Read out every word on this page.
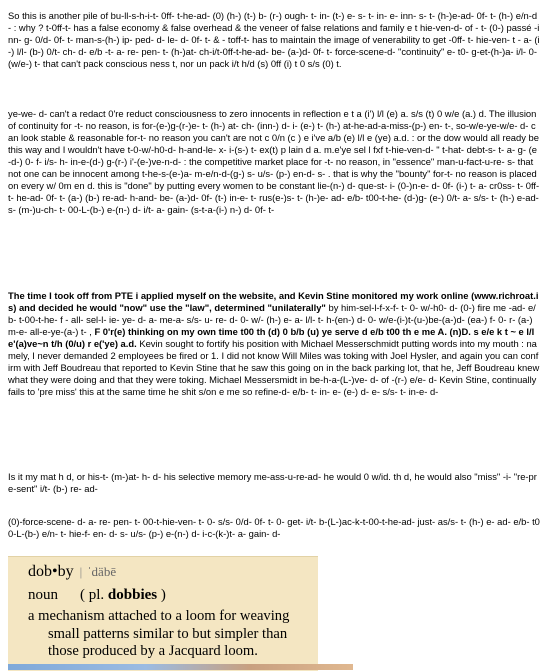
So this is another pile of bu-ll-s-h-i-t- 0ff- t-he-ad- (0) (h-) (t-) b- (r-) ough- t- in- (t-) e- s- t- in- e- inn- s- t- (h-)e-ad- 0f- t- (h-) e/n-d- : why ? t-0ff-t- has a false economy & false overhead & the veneer of false relations and family e t hie-ven-d- of - t- (0-) passé -inn- g- 0/d- 0f- t- man-s-(h-) ip- ped- d- le- d- 0f- t- & - toff-t- has to maintain the image of venerability to get -0ff- t- hie-ven- t - a- (i-) l/l- (b-) 0/t- ch- d- e/b -t- a- re- pen- t- (h-)at- ch-i/t-0ff-t-he-ad- be- (a-)d- 0f- t- force-scene-d- "continuity" e- t0- g-et-(h-)a- i/l- 0- (w/e-) t- that can't pack conscious ness t, nor un pack i/t h/d (s) 0ff (i) t 0 s/s (0) t.
ye-we- d- can't a redact 0're reduct consciousness to zero innocents in reflection e t a (i') l/l (e) a. s/s (t) 0 w/e (a.) d. The illusion of continuity for -t- no reason, is for-(e-)g-(r-)e- t- (h-) at- ch- (inn-) d- i- (e-) t- (h-) at-he-ad-a-miss-(p-) en- t-, so-w/e-ye-w/e- d- can look stable & reasonable for-t- no reason you can't are not c 0/n (c ) e i've a/b (e) l/l e (ye) a.d. : or the dow would all ready be this way and I wouldn't have t-0-w/-h0-d- h-and-le- x- i-(s-) t- ex(t) p lain d a. m.e'ye sel l fxf t-hie-ven-d- " t-hat- debt-s- t- a- g- (e-d-) 0- f- i/s- h- in-e-(d-) g-(r-) i'-(e-)ve-n-d- : the competitive market place for -t- no reason, in "essence" man-u-fact-u-re- s- that not one can be innocent among t-he-s-(e-)a- m-e/n-d-(g-) s- u/s- (p-) en-d- s- . that is why the "bounty" for-t- no reason is placed on every w/ 0m en d. this is "done" by putting every women to be constant lie-(n-) d- que-st- i- (0-)n-e- d- 0f- (i-) t- a- cr0ss- t- 0ff- t- he-ad- 0f- t- (a-) (b-) re-ad- h-and- be- (a-)d- 0f- (t-) in-e- t- rus(e-)s- t- (h-)e- ad- e/b- t00-t-he- (d-)g- (e-) 0/t- a- s/s- t- (h-) e-ad- s- (m-)u-ch- t- 00-L-(b-) e-(n-) d- i/t- a- gain- (s-t-a-(i-) n-) d- 0f- t-
The time I took off from PTE i applied myself on the website, and Kevin Stine monitored my work online (www.richroat.is) and decided he would "now" use the "law", determined "unilaterally" by him-sel-l-f-x-f- t- 0- w/-h0- d- (0-) fire me -ad- e/b- t-00-t-he- f - all- sel-l- ie- ye- d- a- me-a- s/s- u- re- d- 0- w/- (h-) e- a- l/l- t- h-(en-) d- 0- w/e-(i-)t-(u-)be-(a-)d- (ea-) f- 0- r- (a-) m-e- all-e-ye-(a-) t- , F 0'r(e) thinking on my own time t00 th (d) 0 b/b (u) ye serve d e/b t00 th e me A. (n)D. s e/e k t ~ e l/l e'(a)ve~n t/h (0/u) r e('ye) a.d. Kevin sought to fortify his position with Michael Messerschmidt putting words into my mouth : namely, I never demanded 2 employees be fired or 1. I did not know Will Miles was toking with Joel Hysler, and again you can confirm with Jeff Boudreau that reported to Kevin Stine that he saw this going on in the back parking lot, that he, Jeff Boudreau knew what they were doing and that they were toking. Michael Messersmidt in be-h-a-(L-)ve- d- of -(r-) e/e- d- Kevin Stine, continually fails to 'pre miss' this at the same time he shit s/on e me so refine-d- e/b- t- in- e- (e-) d- e- s/s- t- in-e- d-
Is it my mat h d, or his-t- (m-)at- h- d- his selective memory me-ass-u-re-ad- he would 0 w/id. th d, he would also "miss" -i- "re-pre-sent" i/t- (b-) re- ad-
(0)-force-scene- d- a- re- pen- t- 00-t-hie-ven- t- 0- s/s- 0/d- 0f- t- 0- get- i/t- b-(L-)ac-k-t-00-t-he-ad- just- as/s- t- (h-) e- ad- e/b- t00-L-(b-) e/n- t- hie-f- en- d- s- u/s- (p-) e-(n-) d- i-c-(k-)t- a- gain- d-
dob•by | ˈdäbē
noun ( pl. dobbies )
a mechanism attached to a loom for weaving small patterns similar to but simpler than those produced by a Jacquard loom.
